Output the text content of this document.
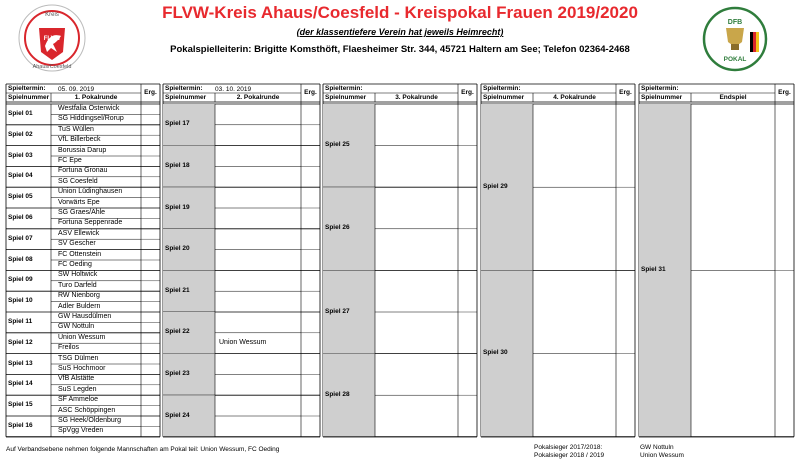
FLVW-Kreis Ahaus/Coesfeld - Kreispokal Frauen 2019/2020
(der klassentiefere Verein hat jeweils Heimrecht)
Pokalspielleiterin: Brigitte Komsthöft, Flaesheimer Str. 344, 45721 Haltern am See; Telefon 02364-2468
Kreis
Ahaus/Coesfeld
FLVW
DFB
POKAL
Spieltermin: 05. 09. 2019
Spielnummer	1. Pokalrunde
Erg.
Spieltermin: 03. 10. 2019
Spielnummer	2. Pokalrunde
Erg.
Spieltermin:
Spielnummer	3. Pokalrunde
Erg.
Spieltermin:
Spielnummer	4. Pokalrunde
Erg.
Spieltermin:
Spielnummer	Endspiel
Erg.
Spiel 01
Westfalia Osterwick
SG Hiddingsel/Rorup
Spiel 02
TuS Wüllen
VfL Billerbeck
Spiel 03
Borussia Darup
FC Epe
Spiel 04
Fortuna Gronau
SG Coesfeld
Spiel 05
Union Lüdinghausen
Vorwärts Epe
Spiel 06
SG Graes/Ahle
Fortuna Seppenrade
Spiel 07
ASV Ellewick
SV Gescher
Spiel 08
FC Ottenstein
FC Oeding
Spiel 09
SW Holtwick
Turo Darfeld
Spiel 10
RW Nienborg
Adler Buldern
Spiel 11
GW Hausdülmen
GW Nottuln
Spiel 12
Union Wessum
Freilos
Spiel 13
TSG Dülmen
SuS Hochmoor
Spiel 14
VfB Alstätte
SuS Legden
Spiel 15
SF Ammeloe
ASC Schöppingen
Spiel 16
SG Heek/Oldenburg
SpVgg Vreden
Spiel 17
Spiel 18
Spiel 19
Spiel 20
Spiel 21
Spiel 22
Union Wessum
Spiel 23
Spiel 24
Spiel 25
Spiel 26
Spiel 27
Spiel 28
Spiel 29
Spiel 30
Spiel 31
Auf Verbandsebene nehmen folgende Mannschaften am Pokal teil: Union Wessum, FC Oeding	Pokalsieger 2017/2018:	GW Nottuln
Pokalsieger 2018 / 2019	Union Wessum
